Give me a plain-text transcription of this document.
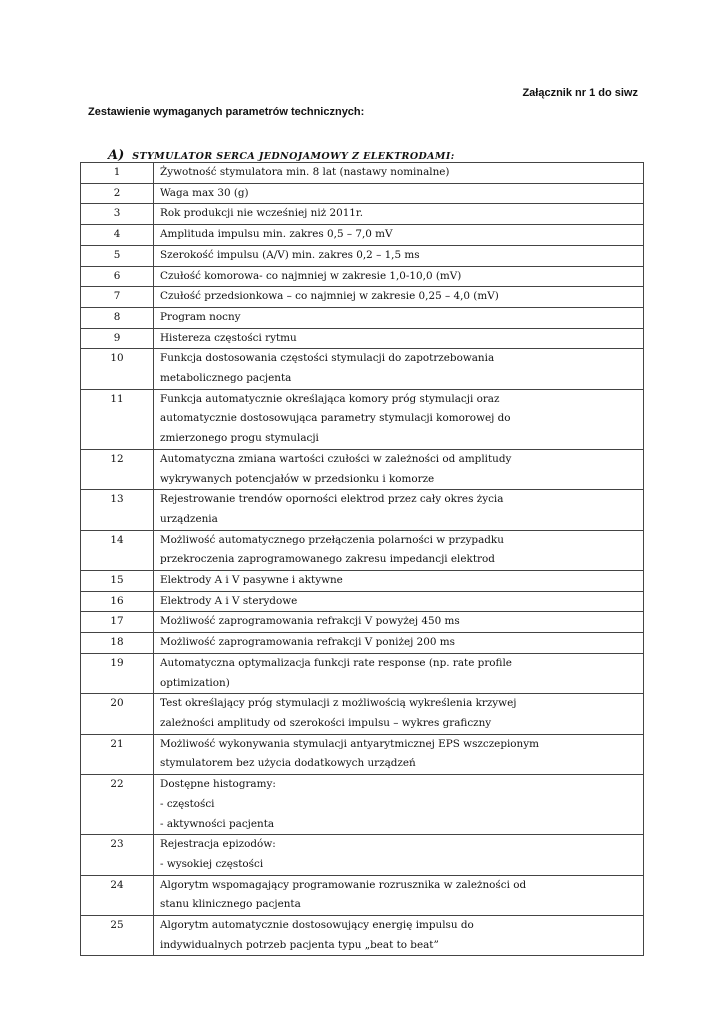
Załącznik nr 1 do siwz
Zestawienie wymaganych parametrów technicznych:
A) STYMULATOR SERCA JEDNOJAMOWY Z ELEKTRODAMI:
1	Żywotność stymulatora min. 8 lat (nastawy nominalne)

2	Waga max 30 (g)

3	Rok produkcji nie wcześniej niż 2011r.

4	Amplituda impulsu min. zakres 0,5 – 7,0 mV

5	Szerokość impulsu (A/V) min. zakres 0,2 – 1,5 ms

6	Czułość komorowa- co najmniej w zakresie 1,0-10,0 (mV)

7	Czułość przedsionkowa – co najmniej w zakresie 0,25 – 4,0 (mV)

8	Program nocny

9	Histereza częstości rytmu

10	Funkcja dostosowania częstości stymulacji do zapotrzebowania
metabolicznego pacjenta

11	Funkcja automatycznie określająca komory próg stymulacji oraz
automatycznie dostosowująca parametry stymulacji komorowej do
zmierzonego progu stymulacji

12	Automatyczna zmiana wartości czułości w zależności od amplitudy
wykrywanych potencjałów w przedsionku i komorze

13	Rejestrowanie trendów oporności elektrod przez cały okres życia
urządzenia

14	Możliwość automatycznego przełączenia polarności w przypadku
przekroczenia zaprogramowanego zakresu impedancji elektrod

15	Elektrody A i V pasywne i aktywne

16	Elektrody A i V sterydowe

17	Możliwość zaprogramowania refrakcji V powyżej 450 ms

18	Możliwość zaprogramowania refrakcji V poniżej 200 ms

19	Automatyczna optymalizacja funkcji rate response (np. rate profile
optimization)

20	Test określający próg stymulacji z możliwością wykreślenia krzywej
zależności amplitudy od szerokości impulsu – wykres graficzny

21	Możliwość wykonywania stymulacji antyarytmicznej EPS wszczepionym
stymulatorem bez użycia dodatkowych urządzeń

22	Dostępne histogramy:
- częstości
- aktywności pacjenta

23	Rejestracja epizodów:
- wysokiej częstości

24	Algorytm wspomagający programowanie rozrusznika w zależności od
stanu klinicznego pacjenta

25	Algorytm automatycznie dostosowujący energię impulsu do
indywidualnych potrzeb pacjenta typu „beat to beat”
